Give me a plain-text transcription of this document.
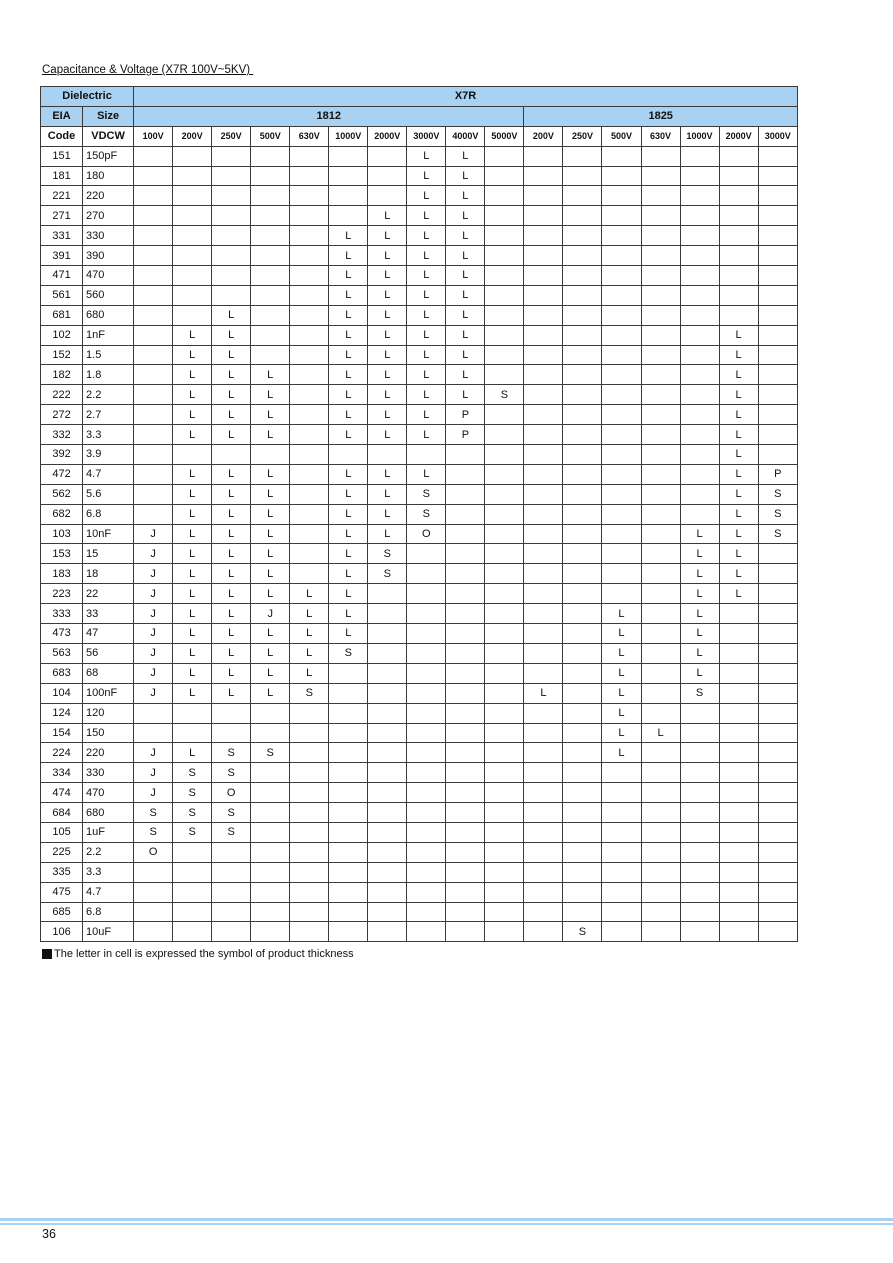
Capacitance & Voltage (X7R 100V~5KV)
Dielectric		X7R																
EIA	Size	1812										1825						
Code	VDCW	100V	200V	250V	500V	630V	1000V	2000V	3000V	4000V	5000V	200V	250V	500V	630V	1000V	2000V	3000V
151	150pF								L	L								
181	180								L	L								
221	220								L	L								
271	270							L	L	L								
331	330						L	L	L	L								
391	390						L	L	L	L								
471	470						L	L	L	L								
561	560						L	L	L	L								
681	680			L			L	L	L	L								
102	1nF		L	L			L	L	L	L							L	
152	1.5		L	L			L	L	L	L							L	
182	1.8		L	L	L		L	L	L	L							L	
222	2.2		L	L	L		L	L	L	L	S						L	
272	2.7		L	L	L		L	L	L	P							L	
332	3.3		L	L	L		L	L	L	P							L	
392	3.9																L	
472	4.7		L	L	L		L	L	L								L	P
562	5.6		L	L	L		L	L	S								L	S
682	6.8		L	L	L		L	L	S								L	S
103	10nF	J	L	L	L		L	L	O							L	L	S
153	15	J	L	L	L		L	S								L	L	
183	18	J	L	L	L		L	S								L	L	
223	22	J	L	L	L	L	L									L	L	
333	33	J	L	L	J	L	L							L		L		
473	47	J	L	L	L	L	L							L		L		
563	56	J	L	L	L	L	S							L		L		
683	68	J	L	L	L	L								L		L		
104	100nF	J	L	L	L	S						L		L		S		
124	120													L				
154	150													L	L			
224	220	J	L	S	S									L				
334	330	J	S	S														
474	470	J	S	O														
684	680	S	S	S														
105	1uF	S	S	S														
225	2.2	O																
335	3.3																	
475	4.7																	
685	6.8																	
106	10uF												S					
The letter in cell is expressed the symbol of product thickness
36
